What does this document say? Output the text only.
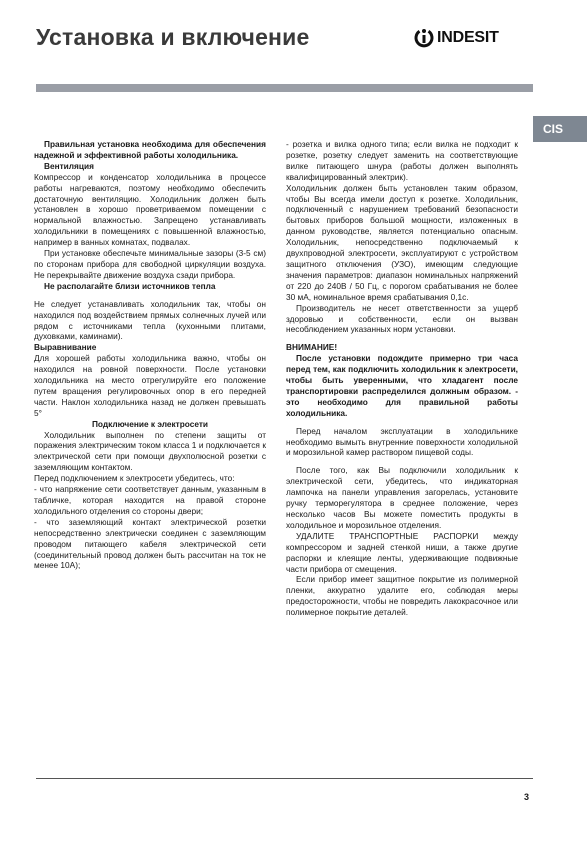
Установка и включение	INDESIT
CIS

Правильная установка необходима для обеспечения надежной и эффективной работы холодильника.

Вентиляция

Компрессор и конденсатор холодильника в процессе работы нагреваются, поэтому необходимо обеспечить достаточную вентиляцию. Холодильник должен быть установлен в хорошо проветриваемом помещении с нормальной влажностью. Запрещено устанавливать холодильники в помещениях с повышенной влажностью, например в ванных комнатах, подвалах.

При установке обеспечьте минимальные зазоры (3-5 см) по сторонам прибора для свободной циркуляции воздуха. Не перекрывайте движение воздуха сзади прибора.

Не располагайте близи источников тепла

Не следует устанавливать холодильник так, чтобы он находился под воздействием прямых солнечных лучей или рядом с источниками тепла (кухонными плитами, духовками, каминами).

Выравнивание

Для хорошей работы холодильника важно, чтобы он находился на ровной поверхности. После установки холодильника на место отрегулируйте его положение путем вращения регулировочных опор в его передней части. Наклон холодильника назад не должен превышать 5°

Подключение к электросети

Холодильник выполнен по степени защиты от поражения электрическим током класса 1 и подключается к электрической сети при помощи двухполюсной розетки с заземляющим контактом.

Перед подключением к электросети убедитесь, что:

- что напряжение сети соответствует данным, указанным в табличке, которая находится на правой стороне холодильного отделения со стороны двери;

- что заземляющий контакт электрической розетки непосредственно электрически соединен с заземляющим проводом питающего кабеля электрической сети (соединительный провод должен быть рассчитан на ток не менее 10А);

- розетка и вилка одного типа; если вилка не подходит к розетке, розетку следует заменить на соответствующие вилке питающего шнура (работы должен выполнять квалифицированный электрик).

Холодильник должен быть установлен таким образом, чтобы Вы всегда имели доступ к розетке. Холодильник, подключенный с нарушением требований безопасности бытовых приборов большой мощности, изложенных в данном руководстве, является потенциально опасным. Холодильник, непосредственно подключаемый к двухпроводной электросети, эксплуатируют с устройством защитного отключения (УЗО), имеющим следующие значения параметров: диапазон номинальных напряжений от 220 до 240В / 50 Гц, с порогом срабатывания не более 30 мА, номинальное время срабатывания 0,1с.

Производитель не несет ответственности за ущерб здоровью и собственности, если он вызван несоблюдением указанных норм установки.

ВНИМАНИЕ!

После установки подождите примерно три часа перед тем, как подключить холодильник к электросети, чтобы быть уверенными, что хладагент после транспортировки распределился должным образом. - это необходимо для правильной работы холодильника.

Перед началом эксплуатации в холодильнике необходимо вымыть внутренние поверхности холодильной и морозильной камер раствором пищевой соды.

После того, как Вы подключили холодильник к электрической сети, убедитесь, что индикаторная лампочка на панели управления загорелась, установите ручку терморегулятора в среднее положение, через несколько часов Вы можете поместить продукты в холодильное и морозильное отделения.

УДАЛИТЕ ТРАНСПОРТНЫЕ РАСПОРКИ между компрессором и задней стенкой ниши, а также другие распорки и клеящие ленты, удерживающие подвижные части прибора от смещения.

Если прибор имеет защитное покрытие из полимерной пленки, аккуратно удалите его, соблюдая меры предосторожности, чтобы не повредить лакокрасочное или полимерное покрытие деталей.

3
